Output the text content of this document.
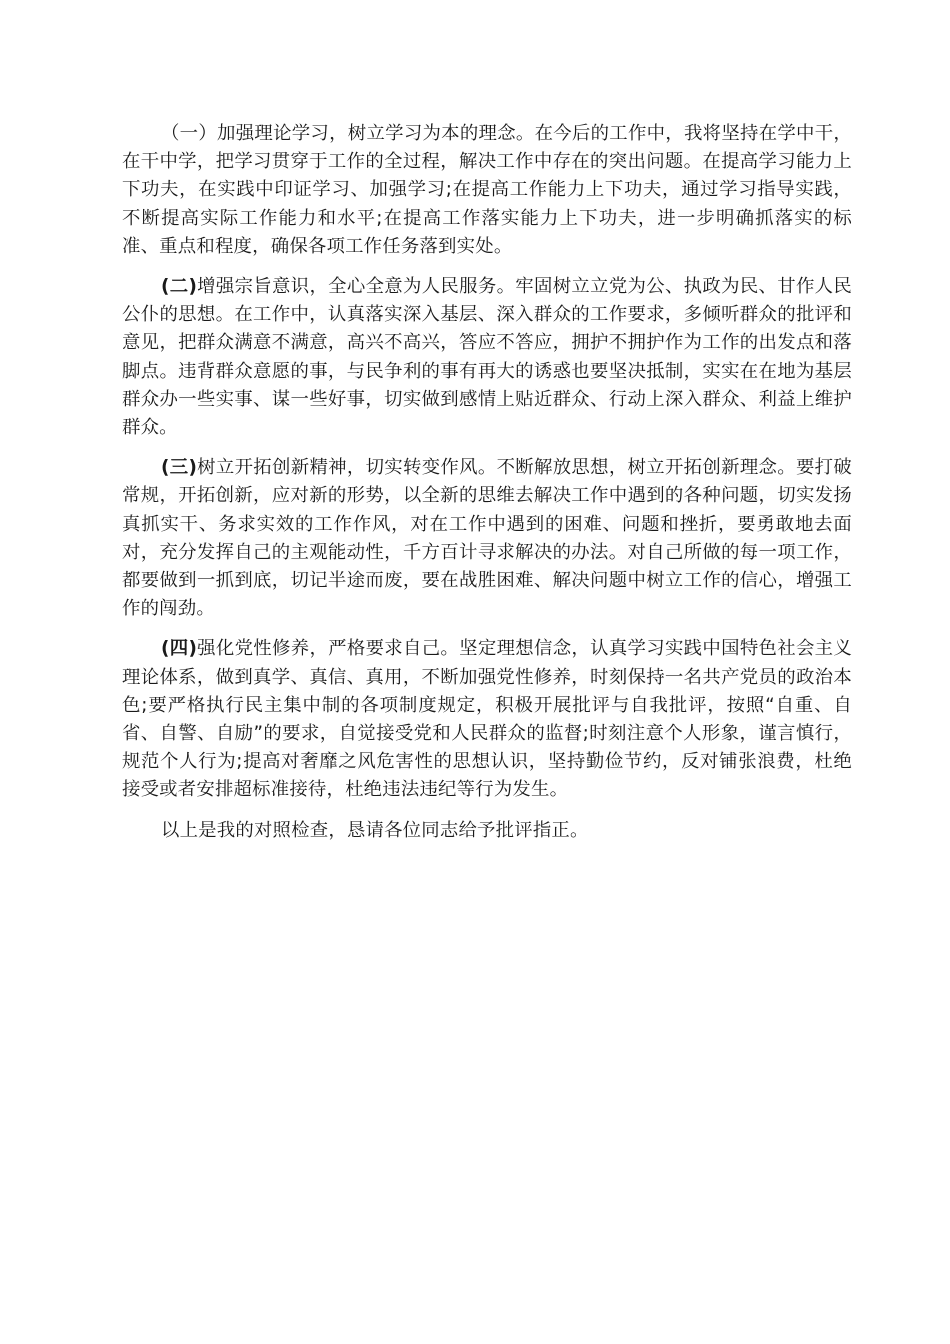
（一）加强理论学习，树立学习为本的理念。在今后的工作中，我将坚持在学中干，在干中学，把学习贯穿于工作的全过程，解决工作中存在的突出问题。在提高学习能力上下功夫，在实践中印证学习、加强学习;在提高工作能力上下功夫，通过学习指导实践，不断提高实际工作能力和水平;在提高工作落实能力上下功夫，进一步明确抓落实的标准、重点和程度，确保各项工作任务落到实处。

(二)增强宗旨意识，全心全意为人民服务。牢固树立立党为公、执政为民、甘作人民公仆的思想。在工作中，认真落实深入基层、深入群众的工作要求，多倾听群众的批评和意见，把群众满意不满意，高兴不高兴，答应不答应，拥护不拥护作为工作的出发点和落脚点。违背群众意愿的事，与民争利的事有再大的诱惑也要坚决抵制，实实在在地为基层群众办一些实事、谋一些好事，切实做到感情上贴近群众、行动上深入群众、利益上维护群众。

(三)树立开拓创新精神，切实转变作风。不断解放思想，树立开拓创新理念。要打破常规，开拓创新，应对新的形势，以全新的思维去解决工作中遇到的各种问题，切实发扬真抓实干、务求实效的工作作风，对在工作中遇到的困难、问题和挫折，要勇敢地去面对，充分发挥自己的主观能动性，千方百计寻求解决的办法。对自己所做的每一项工作，都要做到一抓到底，切记半途而废，要在战胜困难、解决问题中树立工作的信心，增强工作的闯劲。

(四)强化党性修养，严格要求自己。坚定理想信念，认真学习实践中国特色社会主义理论体系，做到真学、真信、真用，不断加强党性修养，时刻保持一名共产党员的政治本色;要严格执行民主集中制的各项制度规定，积极开展批评与自我批评，按照“自重、自省、自警、自励”的要求，自觉接受党和人民群众的监督;时刻注意个人形象，谨言慎行，规范个人行为;提高对奢靡之风危害性的思想认识，坚持勤俭节约，反对铺张浪费，杜绝接受或者安排超标准接待，杜绝违法违纪等行为发生。

以上是我的对照检查，恳请各位同志给予批评指正。
